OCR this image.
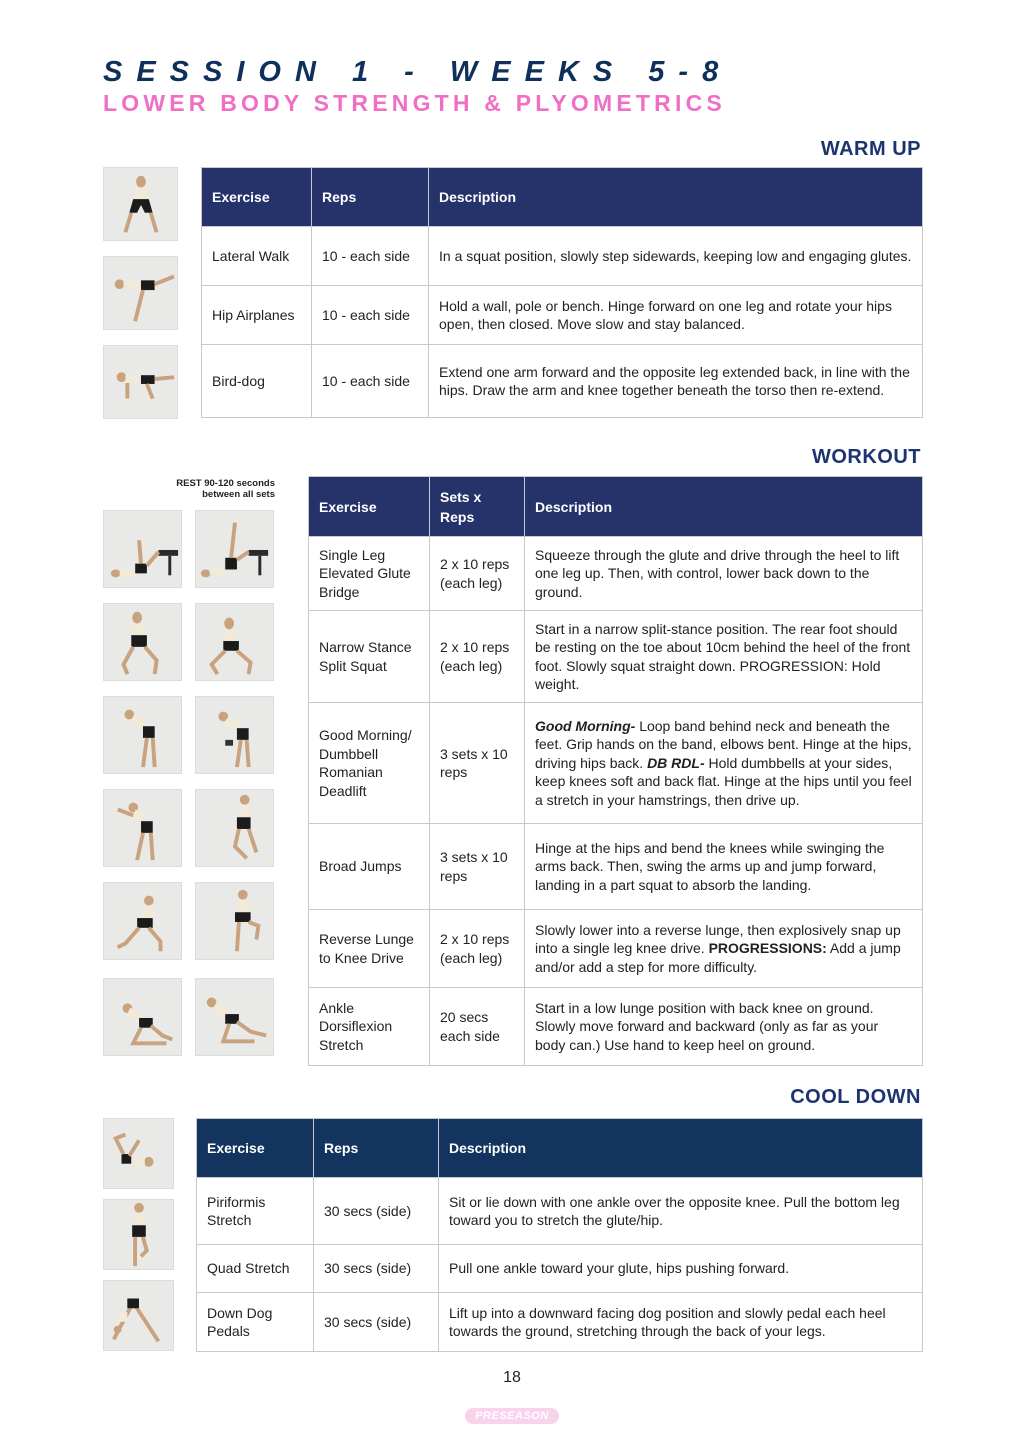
SESSION 1 - WEEKS 5-8
LOWER BODY STRENGTH & PLYOMETRICS
WARM UP
Exercise	Reps	Description
Lateral Walk	10 - each side	In a squat position, slowly step sidewards, keeping low and engaging glutes.
Hip Airplanes	10 - each side	Hold a wall, pole or bench. Hinge forward on one leg and rotate your hips open, then closed. Move slow and stay balanced.
Bird-dog	10 - each side	Extend one arm forward and the opposite leg extended back, in line with the hips. Draw the arm and knee together beneath the torso then re-extend.
WORKOUT
REST 90-120 seconds between all sets
Exercise	Sets x Reps	Description
Single Leg Elevated Glute Bridge	2 x 10 reps (each leg)	Squeeze through the glute and drive through the heel to lift one leg up. Then, with control, lower back down to the ground.
Narrow Stance Split Squat	2 x 10 reps (each leg)	Start in a narrow split-stance position. The rear foot should be resting on the toe about 10cm behind the heel of the front foot. Slowly squat straight down. PROGRESSION: Hold weight.
Good Morning/ Dumbbell Romanian Deadlift	3 sets x 10 reps	Good Morning- Loop band behind neck and beneath the feet. Grip hands on the band, elbows bent. Hinge at the hips, driving hips back. DB RDL- Hold dumbbells at your sides, keep knees soft and back flat. Hinge at the hips until you feel a stretch in your hamstrings, then drive up.
Broad Jumps	3 sets x 10 reps	Hinge at the hips and bend the knees while swinging the arms back. Then, swing the arms up and jump forward, landing in a part squat to absorb the landing.
Reverse Lunge to Knee Drive	2 x 10 reps (each leg)	Slowly lower into a reverse lunge, then explosively snap up into a single leg knee drive. PROGRESSIONS: Add a jump and/or add a step for more difficulty.
Ankle Dorsiflexion Stretch	20 secs each side	Start in a low lunge position with back knee on ground. Slowly move forward and backward (only as far as your body can.) Use hand to keep heel on ground.
COOL DOWN
Exercise	Reps	Description
Piriformis Stretch	30 secs (side)	Sit or lie down with one ankle over the opposite knee. Pull the bottom leg toward you to stretch the glute/hip.
Quad Stretch	30 secs (side)	Pull one ankle toward your glute, hips pushing forward.
Down Dog Pedals	30 secs (side)	Lift up into a downward facing dog position and slowly pedal each heel towards the ground, stretching through the back of your legs.
18
PRESEASON PRO
